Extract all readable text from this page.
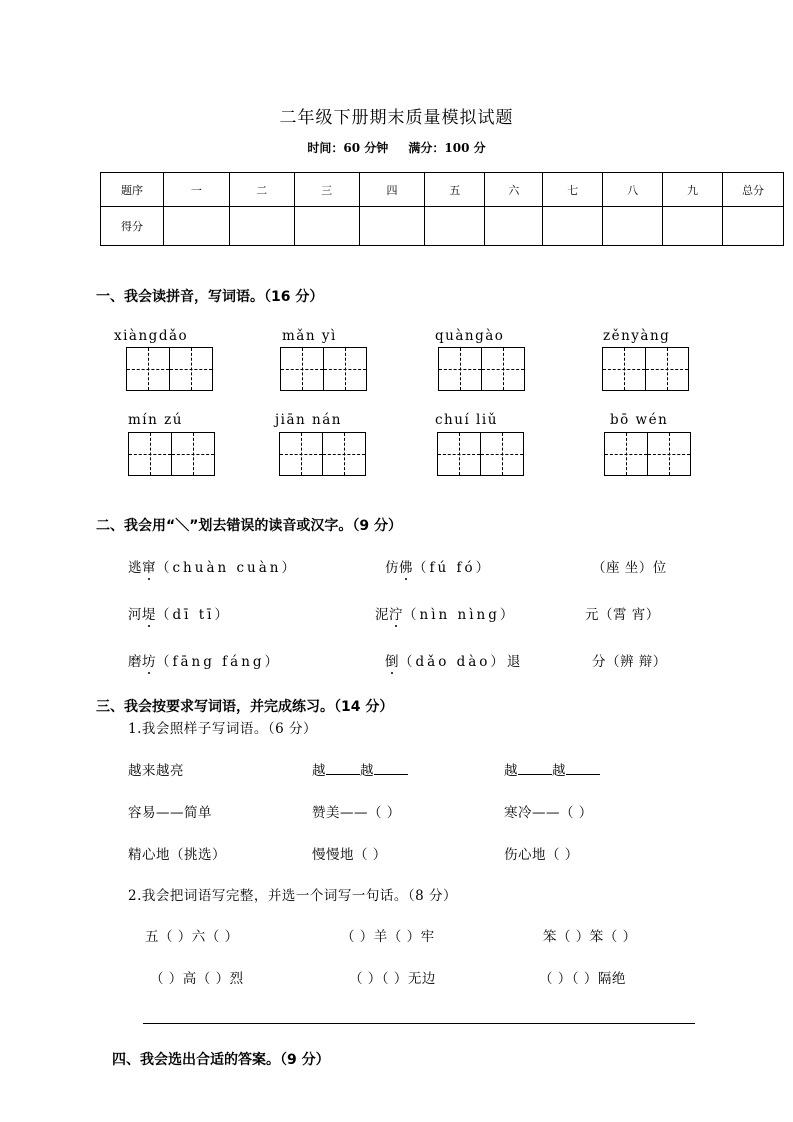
二年级下册期末质量模拟试题
时间：60 分钟 满分：100 分
题序	一	二	三	四	五	六	七	八	九	总分
得分										
一、我会读拼音，写词语。（16 分）
xiàngdǎo	mǎn yì	quàngào	zěnyàng
mín zú	jiān nán	chuí liǔ	bō wén
二、我会用“＼”划去错误的读音或汉字。（9 分）
逃窜（chuàn cuàn）	仿佛（fú fó）	（座 坐）位
河堤（dī tī）	泥泞（nìn nìng）	元（霄 宵）
磨坊（fāng fáng）	倒（dǎo dào）退	分（辨 辩）
三、我会按要求写词语，并完成练习。（14 分）
1.我会照样子写词语。（6 分）
越来越亮	越	越	越	越
容易——简单	赞美——（ ）	寒冷——（ ）
精心地（挑选）	慢慢地（ ）	伤心地（ ）
2.我会把词语写完整，并选一个词写一句话。（8 分）
五（ ）六（ ）	（ ）羊（ ）牢	笨（ ）笨（ ）
（ ）高（ ）烈	（ ）（ ）无边	（ ）（ ）隔绝
四、我会选出合适的答案。（9 分）
